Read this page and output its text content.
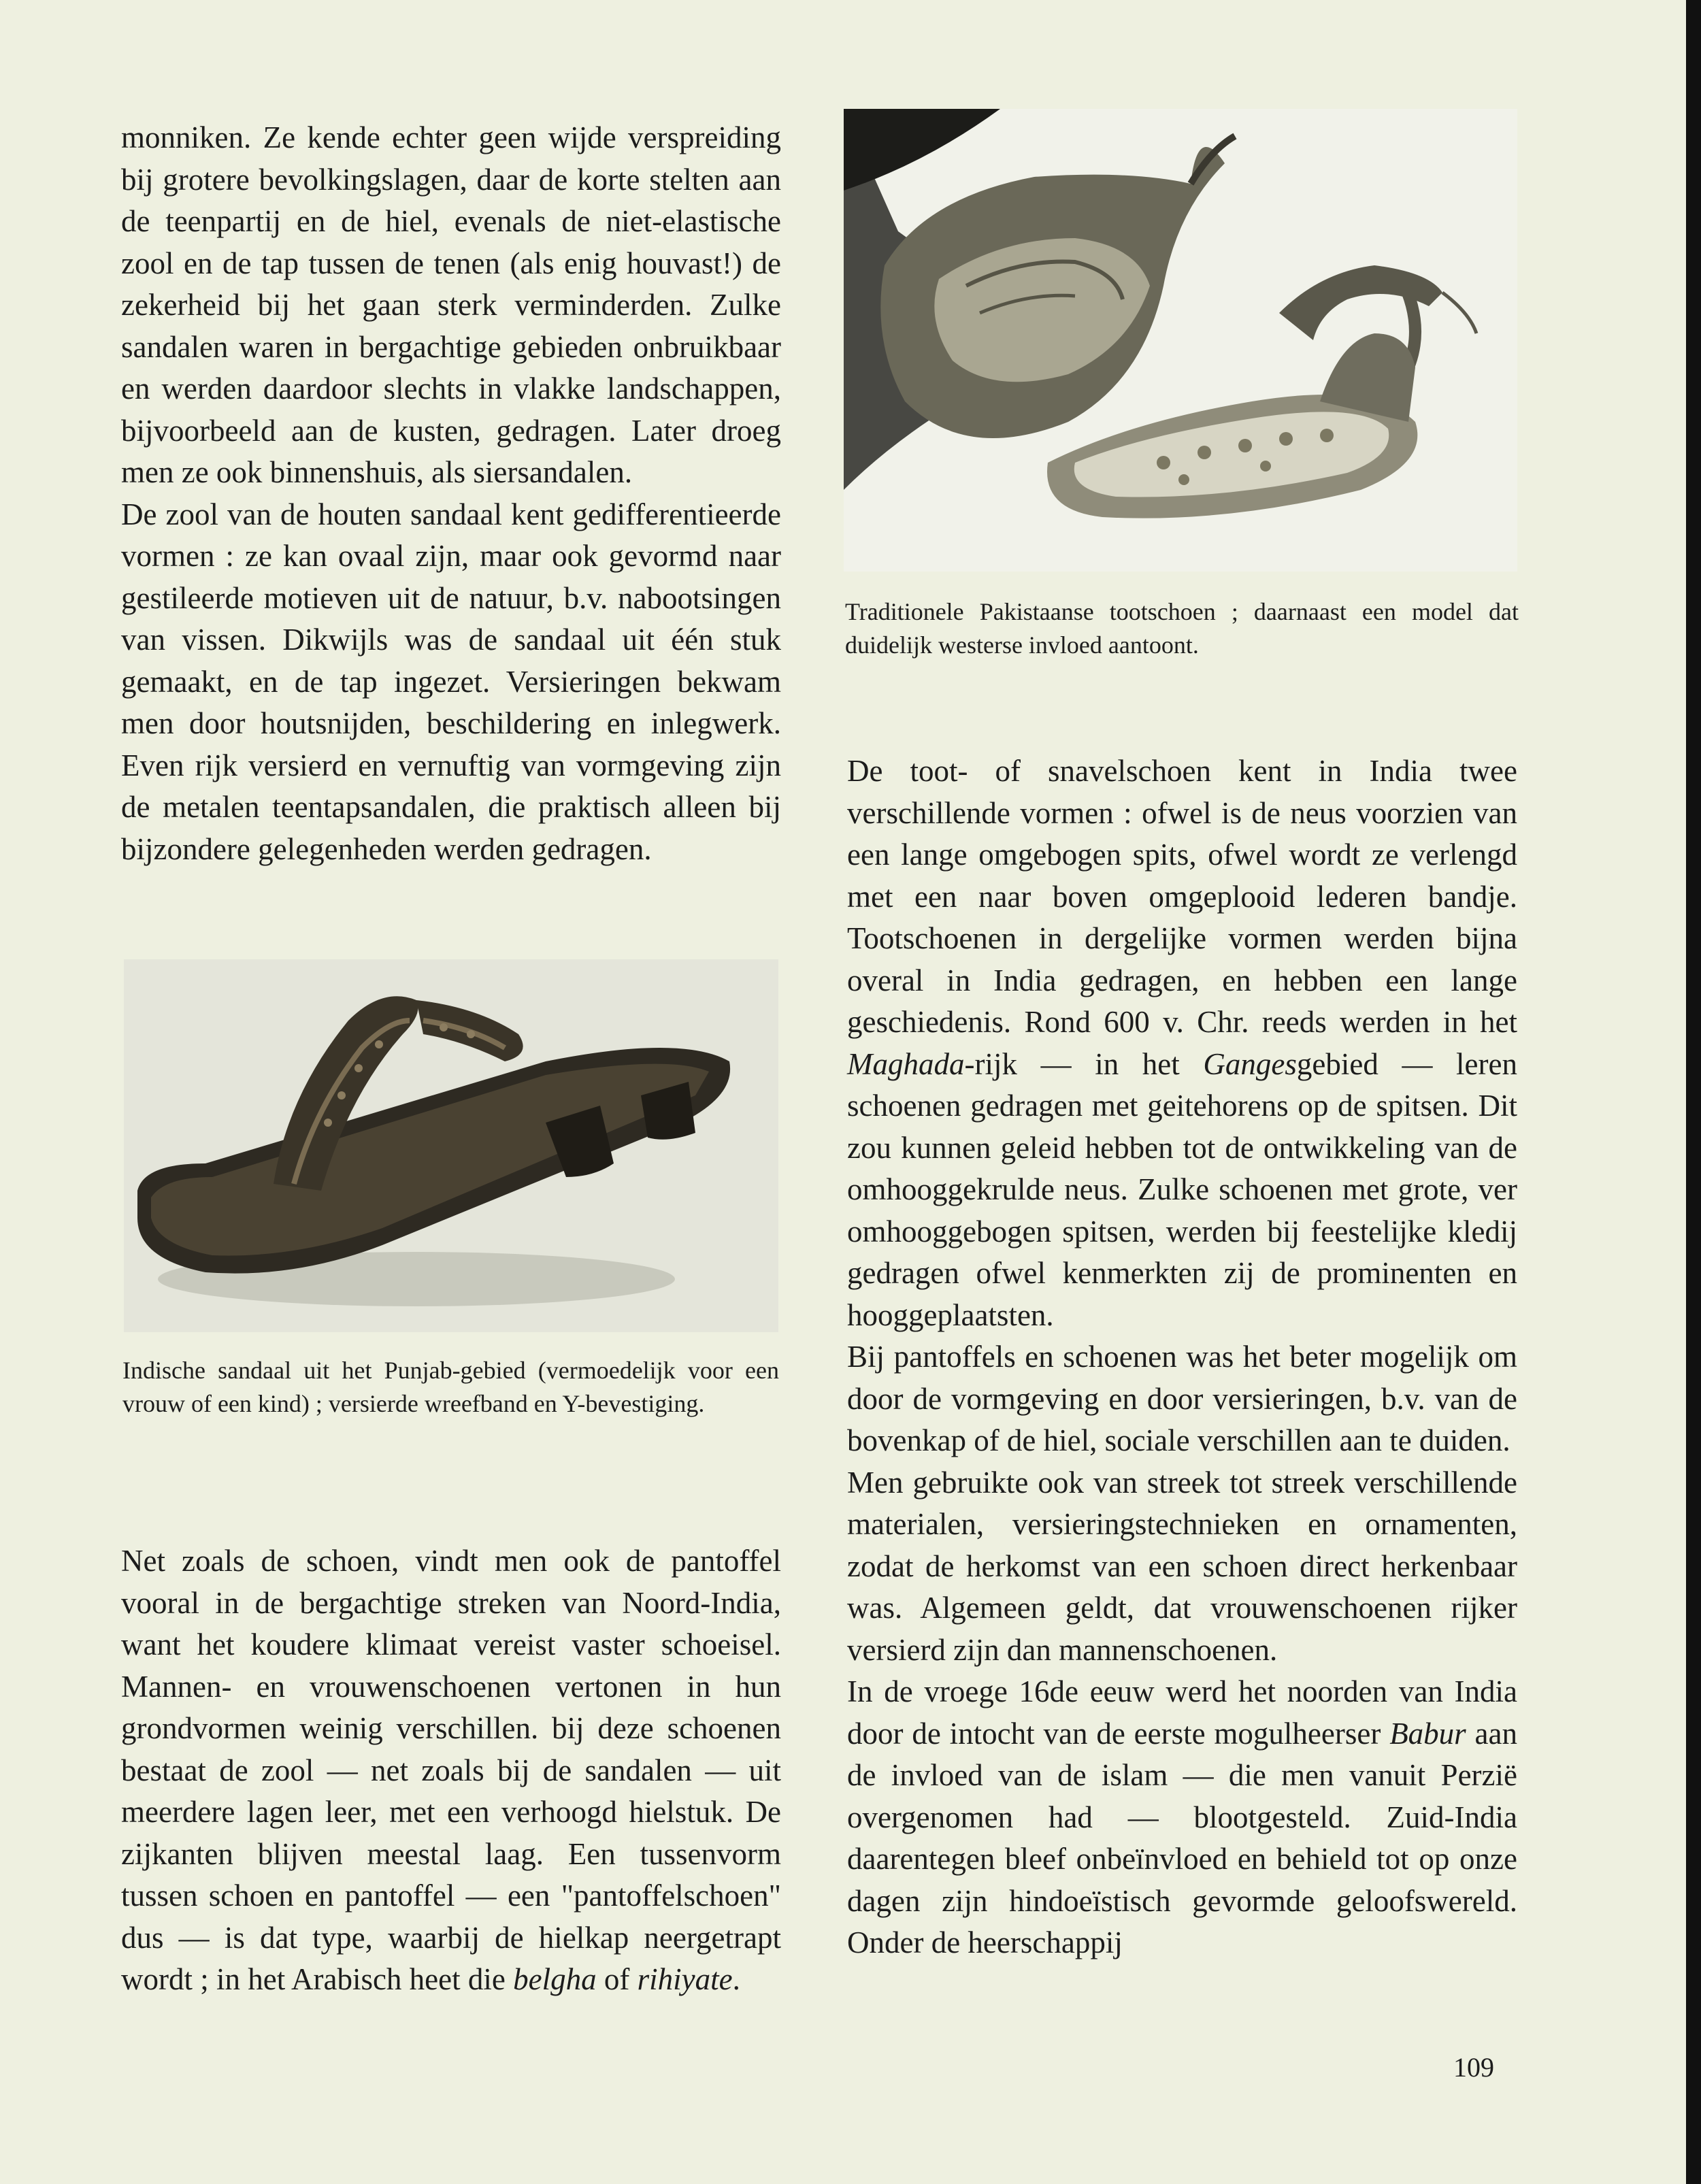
monniken. Ze kende echter geen wijde verspreiding bij grotere bevolkingslagen, daar de korte stelten aan de teenpartij en de hiel, evenals de niet-elastische zool en de tap tussen de tenen (als enig houvast!) de zekerheid bij het gaan sterk verminderden. Zulke sandalen waren in bergachtige gebieden onbruikbaar en werden daardoor slechts in vlakke landschappen, bijvoorbeeld aan de kusten, gedragen. Later droeg men ze ook binnenshuis, als siersandalen.

De zool van de houten sandaal kent gedifferentieerde vormen : ze kan ovaal zijn, maar ook gevormd naar gestileerde motieven uit de natuur, b.v. nabootsingen van vissen. Dikwijls was de sandaal uit één stuk gemaakt, en de tap ingezet. Versieringen bekwam men door houtsnijden, beschildering en inlegwerk. Even rijk versierd en vernuftig van vormgeving zijn de metalen teentapsandalen, die praktisch alleen bij bijzondere gelegenheden werden gedragen.

Indische sandaal uit het Punjab-gebied (vermoedelijk voor een vrouw of een kind) ; versierde wreefband en Y-bevestiging.

Net zoals de schoen, vindt men ook de pantoffel vooral in de bergachtige streken van Noord-India, want het koudere klimaat vereist vaster schoeisel. Mannen- en vrouwenschoenen vertonen in hun grondvormen weinig verschillen. bij deze schoenen bestaat de zool — net zoals bij de sandalen — uit meerdere lagen leer, met een verhoogd hielstuk. De zijkanten blijven meestal laag. Een tussenvorm tussen schoen en pantoffel — een "pantoffelschoen" dus — is dat type, waarbij de hielkap neergetrapt wordt ; in het Arabisch heet die belgha of rihiyate.

Traditionele Pakistaanse tootschoen ; daarnaast een model dat duidelijk westerse invloed aantoont.

De toot- of snavelschoen kent in India twee verschillende vormen : ofwel is de neus voorzien van een lange omgebogen spits, ofwel wordt ze verlengd met een naar boven omgeplooid lederen bandje. Tootschoenen in dergelijke vormen werden bijna overal in India gedragen, en hebben een lange geschiedenis. Rond 600 v. Chr. reeds werden in het Maghada-rijk — in het Gangesgebied — leren schoenen gedragen met geitehorens op de spitsen. Dit zou kunnen geleid hebben tot de ontwikkeling van de omhooggekrulde neus. Zulke schoenen met grote, ver omhooggebogen spitsen, werden bij feestelijke kledij gedragen ofwel kenmerkten zij de prominenten en hooggeplaatsten.

Bij pantoffels en schoenen was het beter mogelijk om door de vormgeving en door versieringen, b.v. van de bovenkap of de hiel, sociale verschillen aan te duiden.

Men gebruikte ook van streek tot streek verschillende materialen, versieringstechnieken en ornamenten, zodat de herkomst van een schoen direct herkenbaar was. Algemeen geldt, dat vrouwenschoenen rijker versierd zijn dan mannenschoenen.

In de vroege 16de eeuw werd het noorden van India door de intocht van de eerste mogulheerser Babur aan de invloed van de islam — die men vanuit Perzië overgenomen had — blootgesteld. Zuid-India daarentegen bleef onbeïnvloed en behield tot op onze dagen zijn hindoeïstisch gevormde geloofswereld. Onder de heerschappij

109
